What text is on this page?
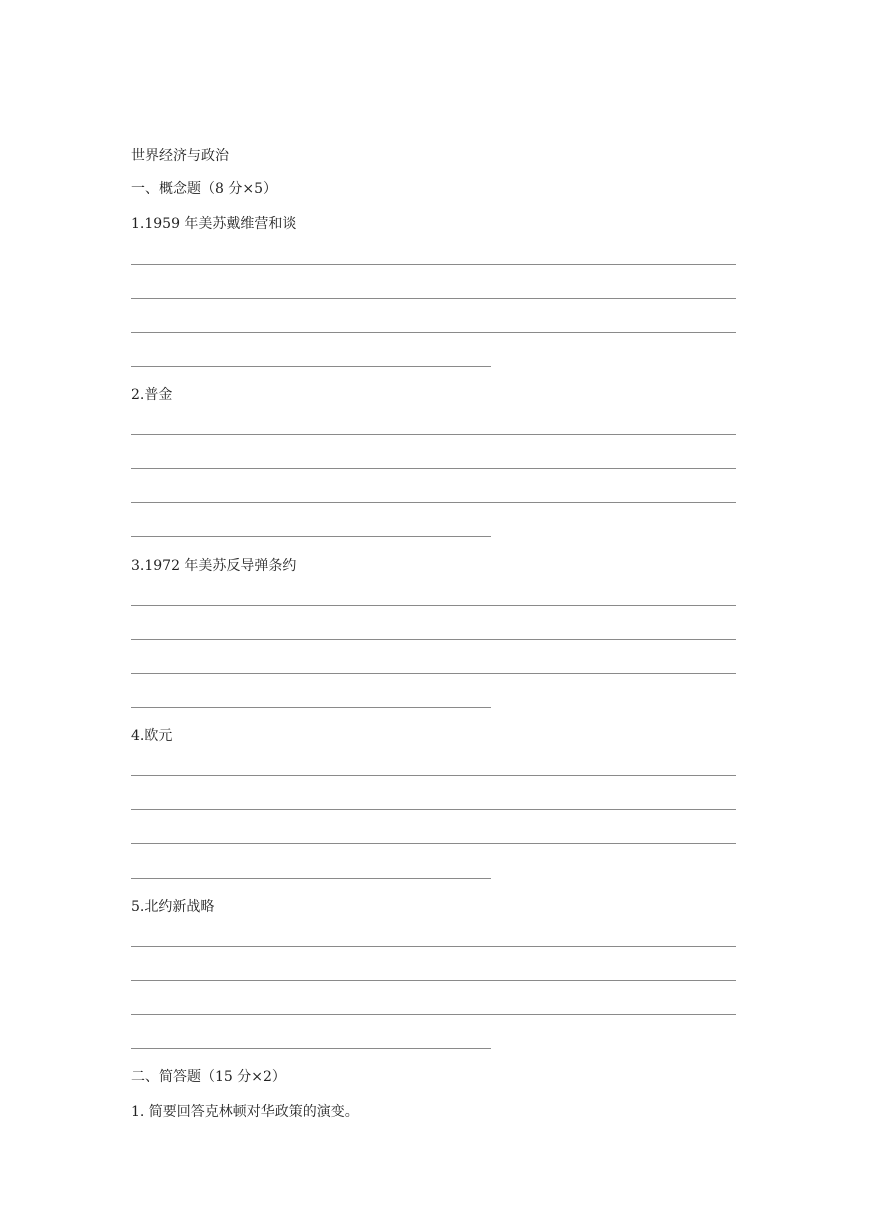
世界经济与政治
一、概念题（8 分×5）
1.1959 年美苏戴维营和谈
2.普金
3.1972 年美苏反导弹条约
4.欧元
5.北约新战略
二、简答题（15 分×2）
1. 简要回答克林顿对华政策的演变。
